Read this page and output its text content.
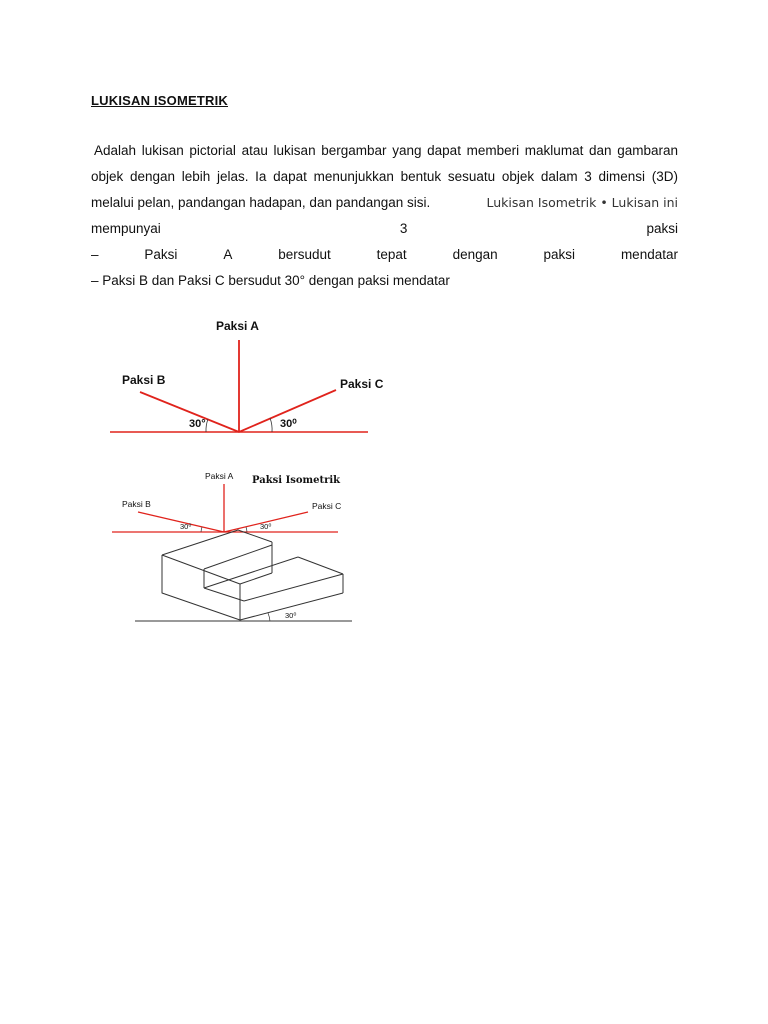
LUKISAN ISOMETRIK
Adalah lukisan pictorial atau lukisan bergambar yang dapat memberi maklumat dan gambaran
objek dengan lebih jelas. Ia dapat menunjukkan bentuk sesuatu objek dalam 3 dimensi (3D)
melalui pelan, pandangan hadapan, dan pandangan sisi.	Lukisan Isometrik • Lukisan ini
mempunyai	3	paksi
–	Paksi	A	bersudut	tepat	dengan	paksi	mendatar
– Paksi B dan Paksi C bersudut 30° dengan paksi mendatar
Paksi A
Paksi B	Paksi C
30°	30⁰
Paksi Isometrik
Paksi A
Paksi B	Paksi C
30⁰	30⁰
30⁰
